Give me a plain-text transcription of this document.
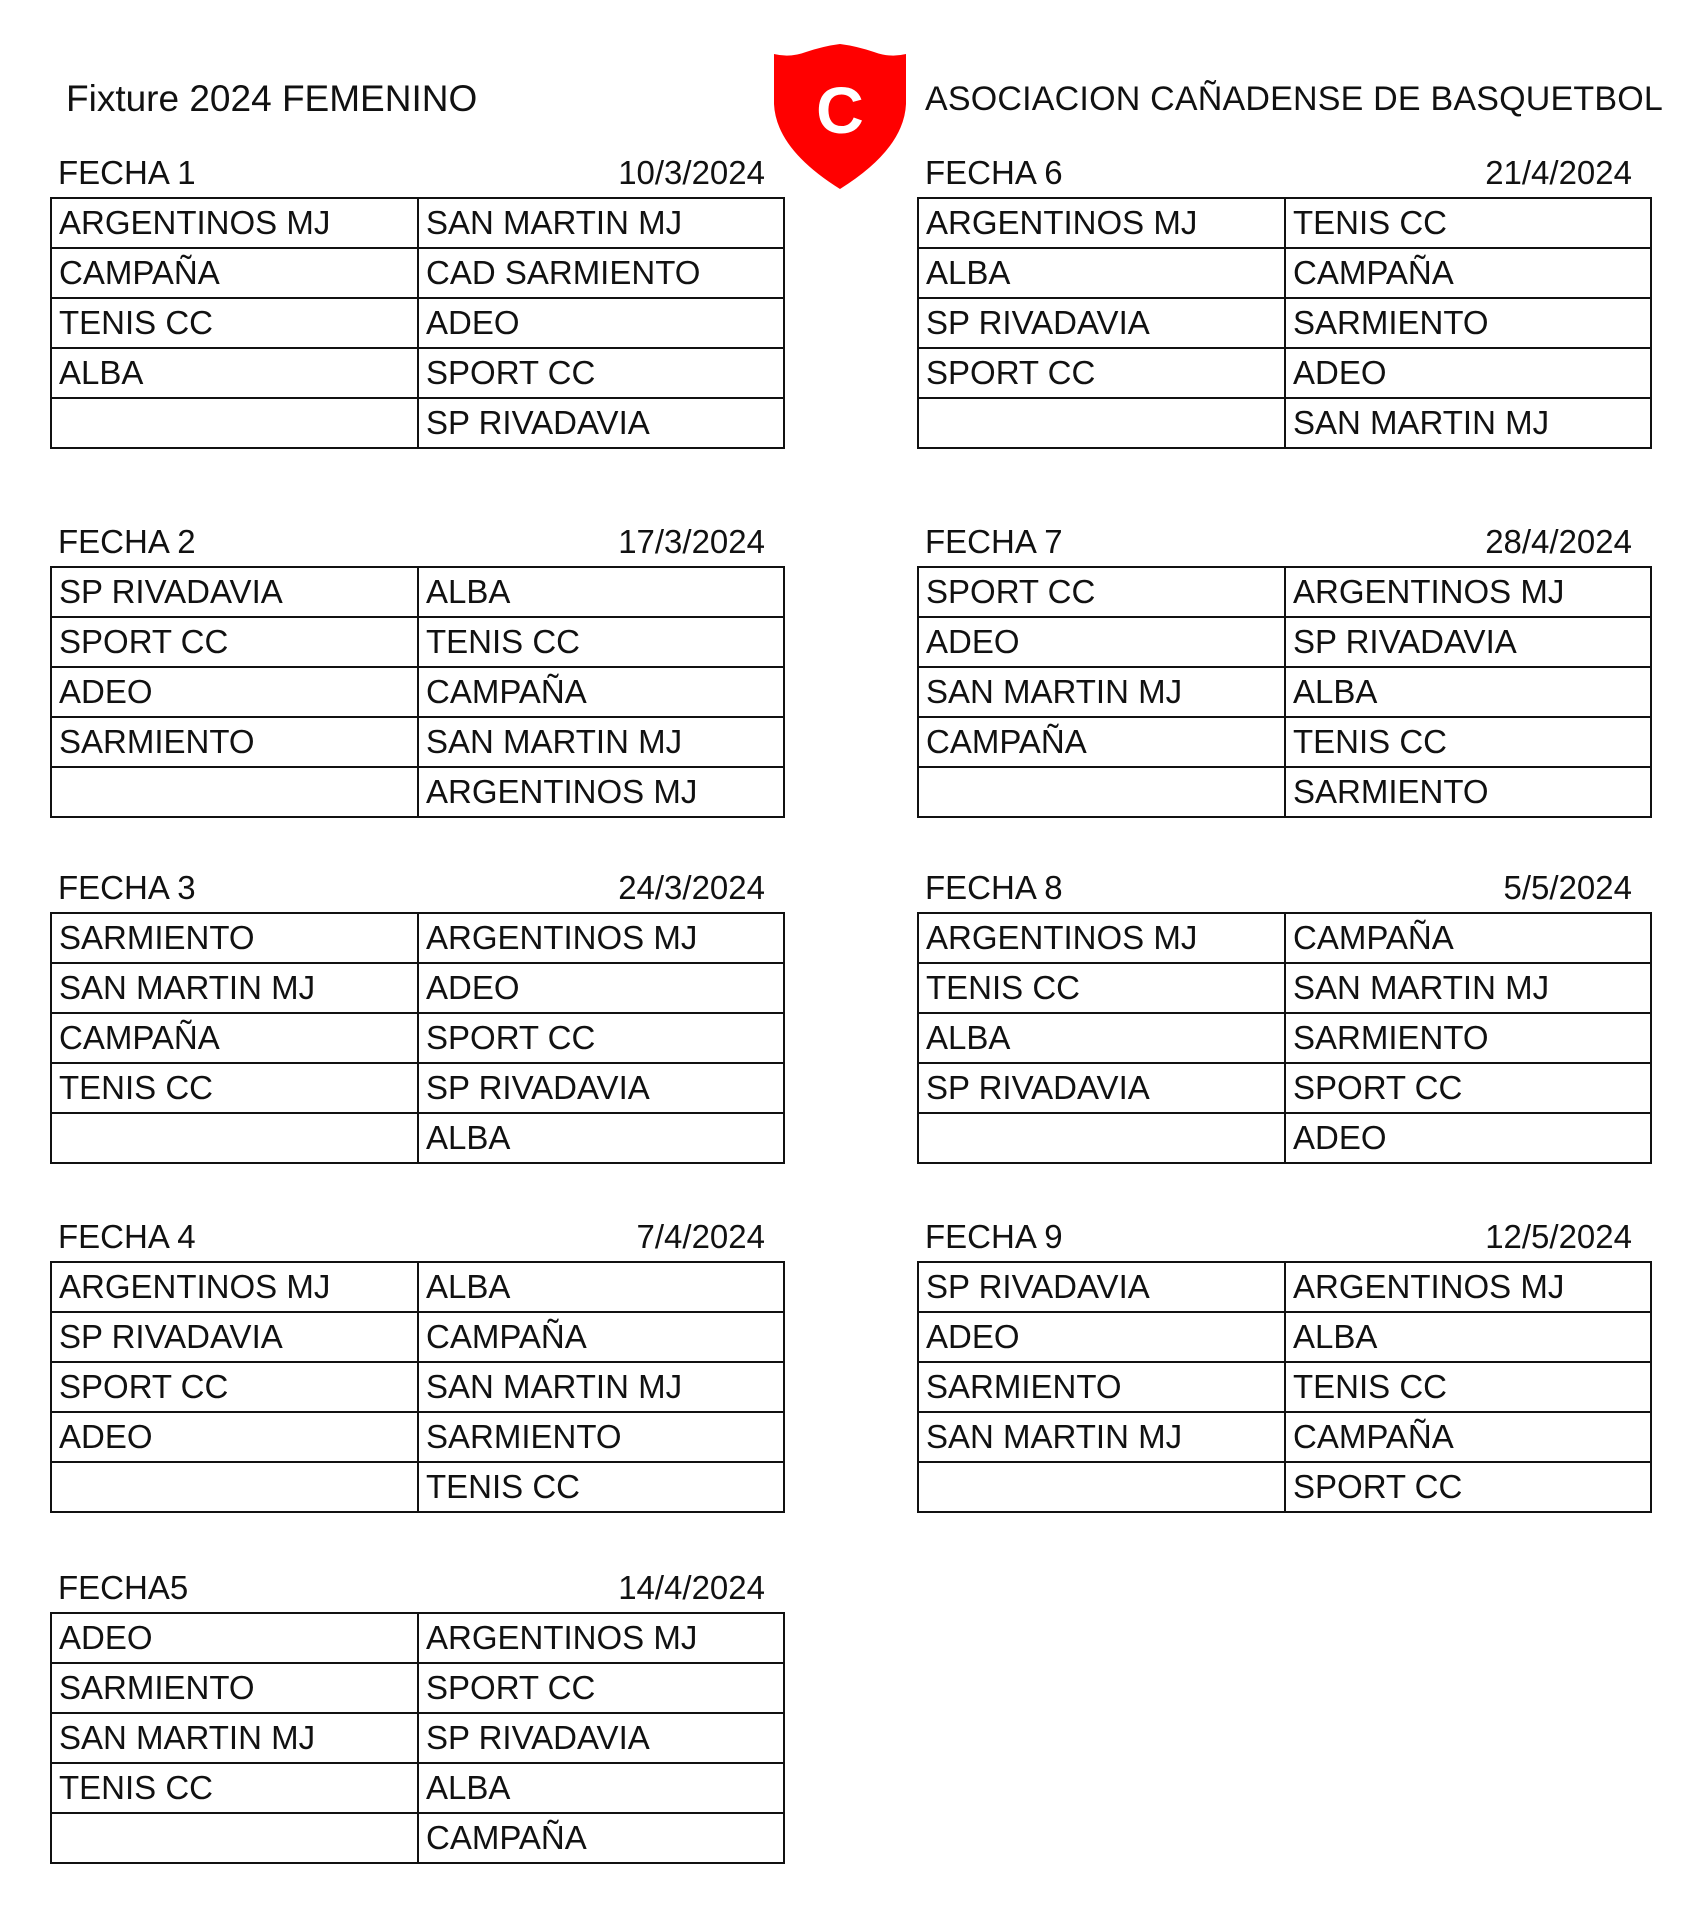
Fixture 2024 FEMENINO	C ASOCIACION CAÑADENSE DE BASQUETBOL
FECHA 1	10/3/2024
ARGENTINOS MJ	SAN MARTIN MJ
CAMPAÑA	CAD SARMIENTO
TENIS CC	ADEO
ALBA	SPORT CC
	SP RIVADAVIA
FECHA 2	17/3/2024
SP RIVADAVIA	ALBA
SPORT CC	TENIS CC
ADEO	CAMPAÑA
SARMIENTO	SAN MARTIN MJ
	ARGENTINOS MJ
FECHA 3	24/3/2024
SARMIENTO	ARGENTINOS MJ
SAN MARTIN MJ	ADEO
CAMPAÑA	SPORT CC
TENIS CC	SP RIVADAVIA
	ALBA
FECHA 4	7/4/2024
ARGENTINOS MJ	ALBA
SP RIVADAVIA	CAMPAÑA
SPORT CC	SAN MARTIN MJ
ADEO	SARMIENTO
	TENIS CC
FECHA5	14/4/2024
ADEO	ARGENTINOS MJ
SARMIENTO	SPORT CC
SAN MARTIN MJ	SP RIVADAVIA
TENIS CC	ALBA
	CAMPAÑA
FECHA 6	21/4/2024
ARGENTINOS MJ	TENIS CC
ALBA	CAMPAÑA
SP RIVADAVIA	SARMIENTO
SPORT CC	ADEO
	SAN MARTIN MJ
FECHA 7	28/4/2024
SPORT CC	ARGENTINOS MJ
ADEO	SP RIVADAVIA
SAN MARTIN MJ	ALBA
CAMPAÑA	TENIS CC
	SARMIENTO
FECHA 8	5/5/2024
ARGENTINOS MJ	CAMPAÑA
TENIS CC	SAN MARTIN MJ
ALBA	SARMIENTO
SP RIVADAVIA	SPORT CC
	ADEO
FECHA 9	12/5/2024
SP RIVADAVIA	ARGENTINOS MJ
ADEO	ALBA
SARMIENTO	TENIS CC
SAN MARTIN MJ	CAMPAÑA
	SPORT CC
